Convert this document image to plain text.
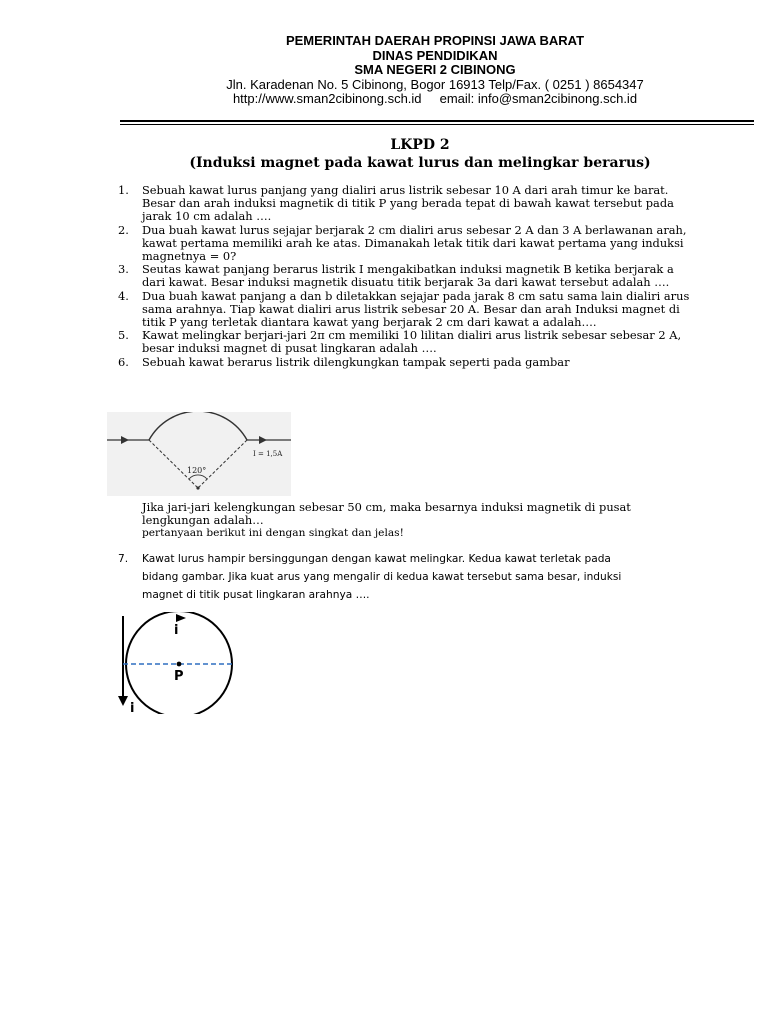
PEMERINTAH DAERAH PROPINSI JAWA BARAT
DINAS PENDIDIKAN
SMA NEGERI 2 CIBINONG
Jln. Karadenan No. 5 Cibinong, Bogor 16913 Telp/Fax. ( 0251 ) 8654347
http://www.sman2cibinong.sch.id     email: info@sman2cibinong.sch.id
LKPD 2
(Induksi magnet pada kawat lurus dan melingkar berarus)
1. Sebuah kawat lurus panjang yang dialiri arus listrik sebesar 10 A dari arah timur ke barat. Besar dan arah induksi magnetik di titik P yang berada tepat di bawah kawat tersebut pada jarak 10 cm adalah ….
2. Dua buah kawat lurus sejajar berjarak 2 cm dialiri arus sebesar 2 A dan 3 A berlawanan arah, kawat pertama memiliki arah ke atas. Dimanakah letak titik dari kawat pertama yang induksi magnetnya = 0?
3. Seutas kawat panjang berarus listrik I mengakibatkan induksi magnetik B ketika berjarak a dari kawat. Besar induksi magnetik disuatu titik berjarak 3a dari kawat tersebut adalah ….
4. Dua buah kawat panjang a dan b diletakkan sejajar pada jarak 8 cm satu sama lain dialiri arus sama arahnya. Tiap kawat dialiri arus listrik sebesar 20 A. Besar dan arah Induksi magnet di titik P yang terletak diantara kawat yang berjarak 2 cm dari kawat a adalah….
5. Kawat melingkar berjari-jari 2π cm memiliki 10 lilitan dialiri arus listrik sebesar sebesar 2 A, besar induksi magnet di pusat lingkaran adalah ….
6. Sebuah kawat berarus listrik dilengkungkan tampak seperti pada gambar
120°
I = 1,5A
Jika jari-jari kelengkungan sebesar 50 cm, maka besarnya induksi magnetik di pusat
lengkungan adalah…
pertanyaan berikut ini dengan singkat dan jelas!
7. Kawat lurus hampir bersinggungan dengan kawat melingkar. Kedua kawat terletak pada
bidang gambar. Jika kuat arus yang mengalir di kedua kawat tersebut sama besar, induksi
magnet di titik pusat lingkaran arahnya ….
i
P
i
